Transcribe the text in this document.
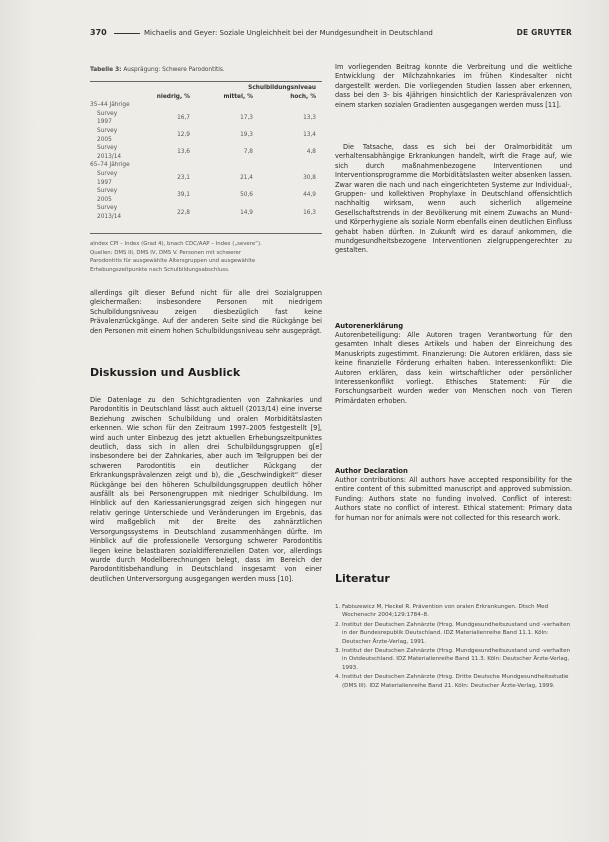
370	Michaelis and Geyer: Soziale Ungleichheit bei der Mundgesundheit in Deutschland	DE GRUYTER
Tabelle 3: Ausprägung: Schwere Parodontitis.
	Schulbildungsniveau		
	niedrig, %	mittel, %	hoch, %
35–44 Jährige			
Survey 1997	16,7	17,3	13,3
Survey 2005	12,9	19,3	13,4
Survey 2013/14	13,6	7,8	4,8
65–74 Jährige			
Survey 1997	23,1	21,4	30,8
Survey 2005	39,1	50,6	44,9
Survey 2013/14	22,8	14,9	16,3
aIndex CPI – Index (Grad 4), bnach CDC/AAP – Index („severe“).
Quellen: DMS III, DMS IV, DMS V. Personen mit schwerer
Parodontitis für ausgewählte Altersgruppen und ausgewählte
Erhebungszeitpunkte nach Schulbildungsabschluss.
allerdings gilt dieser Befund nicht für alle drei Sozialgruppen gleichermaßen: insbesondere Personen mit niedrigem Schulbildungsniveau zeigen diesbezüglich fast keine Prävalenzrückgänge. Auf der anderen Seite sind die Rückgänge bei den Personen mit einem hohen Schulbildungsniveau sehr ausgeprägt.
Diskussion und Ausblick
Die Datenlage zu den Schichtgradienten von Zahnkaries und Parodontitis in Deutschland lässt auch aktuell (2013/14) eine inverse Beziehung zwischen Schulbildung und oralen Morbiditätslasten erkennen. Wie schon für den Zeitraum 1997–2005 festgestellt [9], wird auch unter Einbezug des jetzt aktuellen Erhebungszeitpunktes deutlich, dass sich in allen drei Schulbildungsgruppen g[e] insbesondere bei der Zahnkaries, aber auch im Teilgruppen bei der schweren Parodontitis ein deutlicher Rückgang der Erkrankungsprävalenzen zeigt und b), die „Geschwindigkeit“ dieser Rückgänge bei den höheren Schulbildungsgruppen deutlich höher ausfällt als bei Personengruppen mit niedriger Schulbildung. Im Hinblick auf den Kariessanierungsgrad zeigen sich hingegen nur relativ geringe Unterschiede und Veränderungen im Ergebnis, das wird maßgeblich mit der Breite des zahnärztlichen Versorgungssystems in Deutschland zusammenhängen dürfte. Im Hinblick auf die professionelle Versorgung schwerer Parodontitis liegen keine belastbaren sozialdifferenziellen Daten vor, allerdings wurde durch Modellberechnungen belegt, dass im Bereich der Parodontitisbehandlung in Deutschland insgesamt von einer deutlichen Unterversorgung ausgegangen werden muss [10].
Im vorliegenden Beitrag konnte die Verbreitung und die weitliche Entwicklung der Milchzahnkaries im frühen Kindesalter nicht dargestellt werden. Die vorliegenden Studien lassen aber erkennen, dass bei den 3- bis 4jährigen hinsichtlich der Kariesprävalenzen von einem starken sozialen Gradienten ausgegangen werden muss [11].
Die Tatsache, dass es sich bei der Oralmorbidität um verhaltensabhängige Erkrankungen handelt, wirft die Frage auf, wie sich durch maßnahmenbezogene Interventionen und Interventionsprogramme die Morbiditätslasten weiter absenken lassen. Zwar waren die nach und nach eingerichteten Systeme zur Individual-, Gruppen- und kollektiven Prophylaxe in Deutschland offensichtlich nachhaltig wirksam, wenn auch sicherlich allgemeine Gesellschaftstrends in der Bevölkerung mit einem Zuwachs an Mund- und Körperhygiene als soziale Norm ebenfalls einen deutlichen Einfluss gehabt haben dürften. In Zukunft wird es darauf ankommen, die mundgesundheitsbezogene Interventionen zielgruppengerechter zu gestalten.
Autorenerklärung
Autorenbeteiligung: Alle Autoren tragen Verantwortung für den gesamten Inhalt dieses Artikels und haben der Einreichung des Manuskripts zugestimmt. Finanzierung: Die Autoren erklären, dass sie keine finanzielle Förderung erhalten haben. Interessenkonflikt: Die Autoren erklären, dass kein wirtschaftlicher oder persönlicher Interessenkonflikt vorliegt. Ethisches Statement: Für die Forschungsarbeit wurden weder von Menschen noch von Tieren Primärdaten erhoben.
Author Declaration
Author contributions: All authors have accepted responsibility for the entire content of this submitted manuscript and approved submission. Funding: Authors state no funding involved. Conflict of interest: Authors state no conflict of interest. Ethical statement: Primary data for human nor for animals were not collected for this research work.
Literatur
1. Fabiszewicz M, Heckel R. Prävention von oralen Erkrankungen. Dtsch Med Wochenschr 2004;129:1784–8.
2. Institut der Deutschen Zahnärzte (Hrsg. Mundgesundheitszustand und -verhalten in der Bundesrepublik Deutschland. IDZ Materialienreihe Band 11.1. Köln: Deutscher Ärzte-Verlag, 1991.
3. Institut der Deutschen Zahnärzte (Hrsg. Mundgesundheitszustand und -verhalten in Ostdeutschland. IDZ Materialienreihe Band 11.3. Köln: Deutscher Ärzte-Verlag, 1993.
4. Institut der Deutschen Zahnärzte (Hrsg. Dritte Deutsche Mundgesundheitsstudie (DMS III). IDZ Materialienreihe Band 21. Köln: Deutscher Ärzte-Verlag, 1999.
